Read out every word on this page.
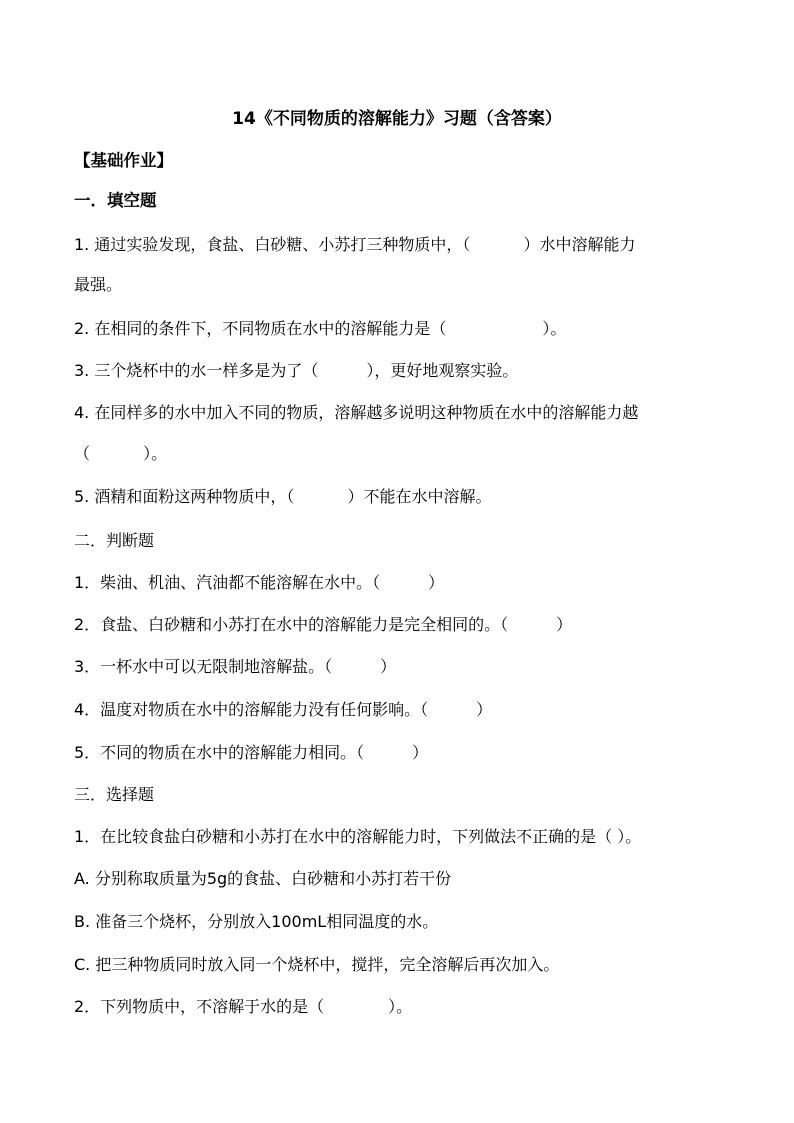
14《不同物质的溶解能力》习题（含答案）
【基础作业】
一．填空题
1. 通过实验发现，食盐、白砂糖、小苏打三种物质中，（　　　 ）水中溶解能力
最强。
2. 在相同的条件下，不同物质在水中的溶解能力是（　　　　　　）。
3. 三个烧杯中的水一样多是为了（　　　），更好地观察实验。
4. 在同样多的水中加入不同的物质，溶解越多说明这种物质在水中的溶解能力越
（　　　 ）。
5. 酒精和面粉这两种物质中，（　　　 ）不能在水中溶解。
二．判断题
1．柴油、机油、汽油都不能溶解在水中。（　　　）
2．食盐、白砂糖和小苏打在水中的溶解能力是完全相同的。（　　　）
3．一杯水中可以无限制地溶解盐。（　　　）
4．温度对物质在水中的溶解能力没有任何影响。（　　　）
5．不同的物质在水中的溶解能力相同。（　　　）
三．选择题
1．在比较食盐白砂糖和小苏打在水中的溶解能力时，下列做法不正确的是（ ）。
A. 分别称取质量为5g的食盐、白砂糖和小苏打若干份
B. 准备三个烧杯，分别放入100mL相同温度的水。
C. 把三种物质同时放入同一个烧杯中，搅拌，完全溶解后再次加入。
2．下列物质中，不溶解于水的是（　　　　）。
